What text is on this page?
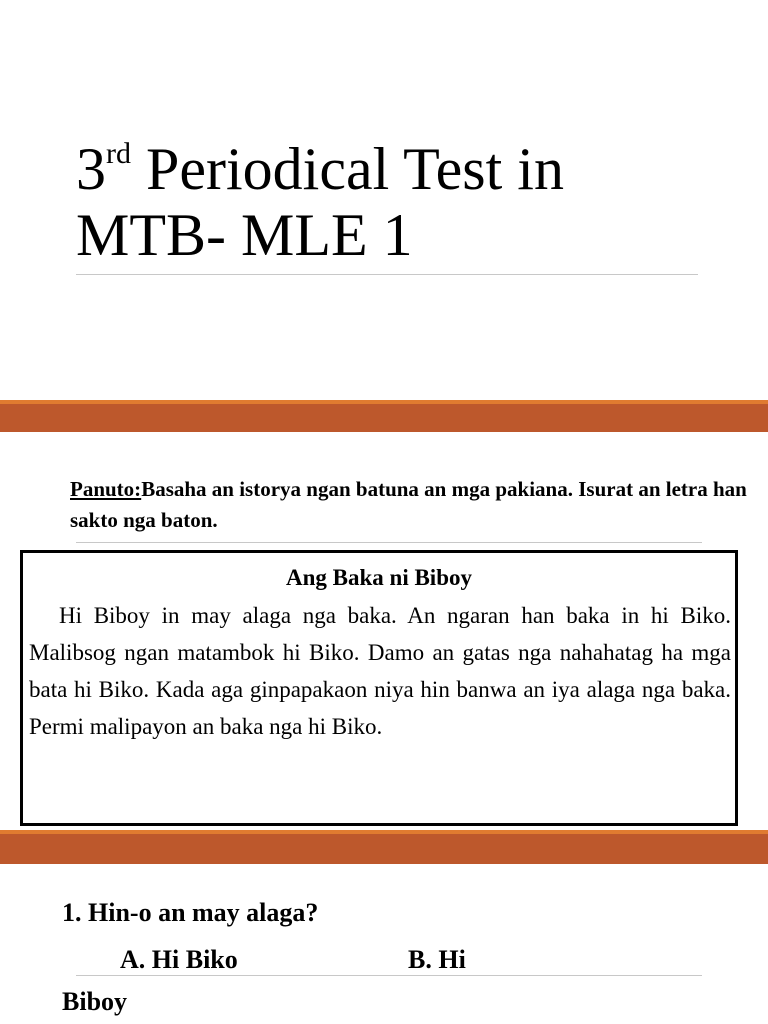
3rd Periodical Test in
MTB- MLE 1
Panuto:Basaha an istorya ngan batuna an mga pakiana. Isurat an letra han sakto nga baton.
Ang Baka ni Biboy

Hi Biboy in may alaga nga baka. An ngaran han baka in hi Biko. Malibsog ngan matambok hi Biko. Damo an gatas nga nahahatag ha mga bata hi Biko. Kada aga ginpapakaon niya hin banwa an iya alaga nga baka. Permi malipayon an baka nga hi Biko.

1. Hin-o an may alaga?

A. Hi Biko	B. Hi
Biboy
